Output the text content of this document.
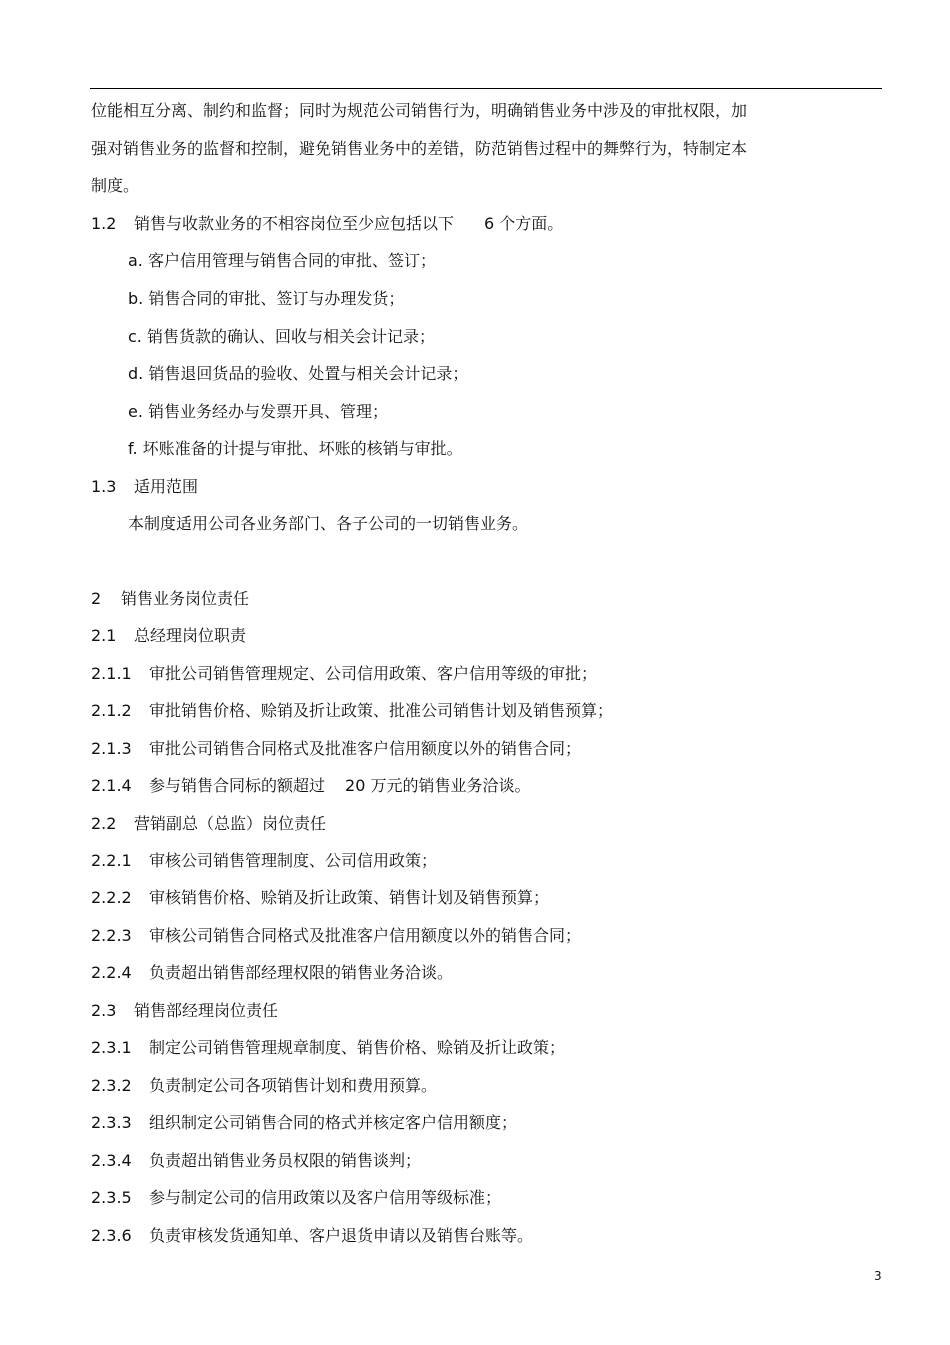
位能相互分离、制约和监督；同时为规范公司销售行为，明确销售业务中涉及的审批权限，加
强对销售业务的监督和控制，避免销售业务中的差错，防范销售过程中的舞弊行为，特制定本
制度。
1.2 销售与收款业务的不相容岗位至少应包括以下 6 个方面。
a. 客户信用管理与销售合同的审批、签订；
b. 销售合同的审批、签订与办理发货；
c. 销售货款的确认、回收与相关会计记录；
d. 销售退回货品的验收、处置与相关会计记录；
e. 销售业务经办与发票开具、管理；
f. 坏账准备的计提与审批、坏账的核销与审批。
1.3 适用范围
本制度适用公司各业务部门、各子公司的一切销售业务。
2 销售业务岗位责任
2.1 总经理岗位职责
2.1.1 审批公司销售管理规定、公司信用政策、客户信用等级的审批；
2.1.2 审批销售价格、赊销及折让政策、批准公司销售计划及销售预算；
2.1.3 审批公司销售合同格式及批准客户信用额度以外的销售合同；
2.1.4 参与销售合同标的额超过 20 万元的销售业务洽谈。
2.2 营销副总（总监）岗位责任
2.2.1 审核公司销售管理制度、公司信用政策；
2.2.2 审核销售价格、赊销及折让政策、销售计划及销售预算；
2.2.3 审核公司销售合同格式及批准客户信用额度以外的销售合同；
2.2.4 负责超出销售部经理权限的销售业务洽谈。
2.3 销售部经理岗位责任
2.3.1 制定公司销售管理规章制度、销售价格、赊销及折让政策；
2.3.2 负责制定公司各项销售计划和费用预算。
2.3.3 组织制定公司销售合同的格式并核定客户信用额度；
2.3.4 负责超出销售业务员权限的销售谈判；
2.3.5 参与制定公司的信用政策以及客户信用等级标准；
2.3.6 负责审核发货通知单、客户退货申请以及销售台账等。
3
